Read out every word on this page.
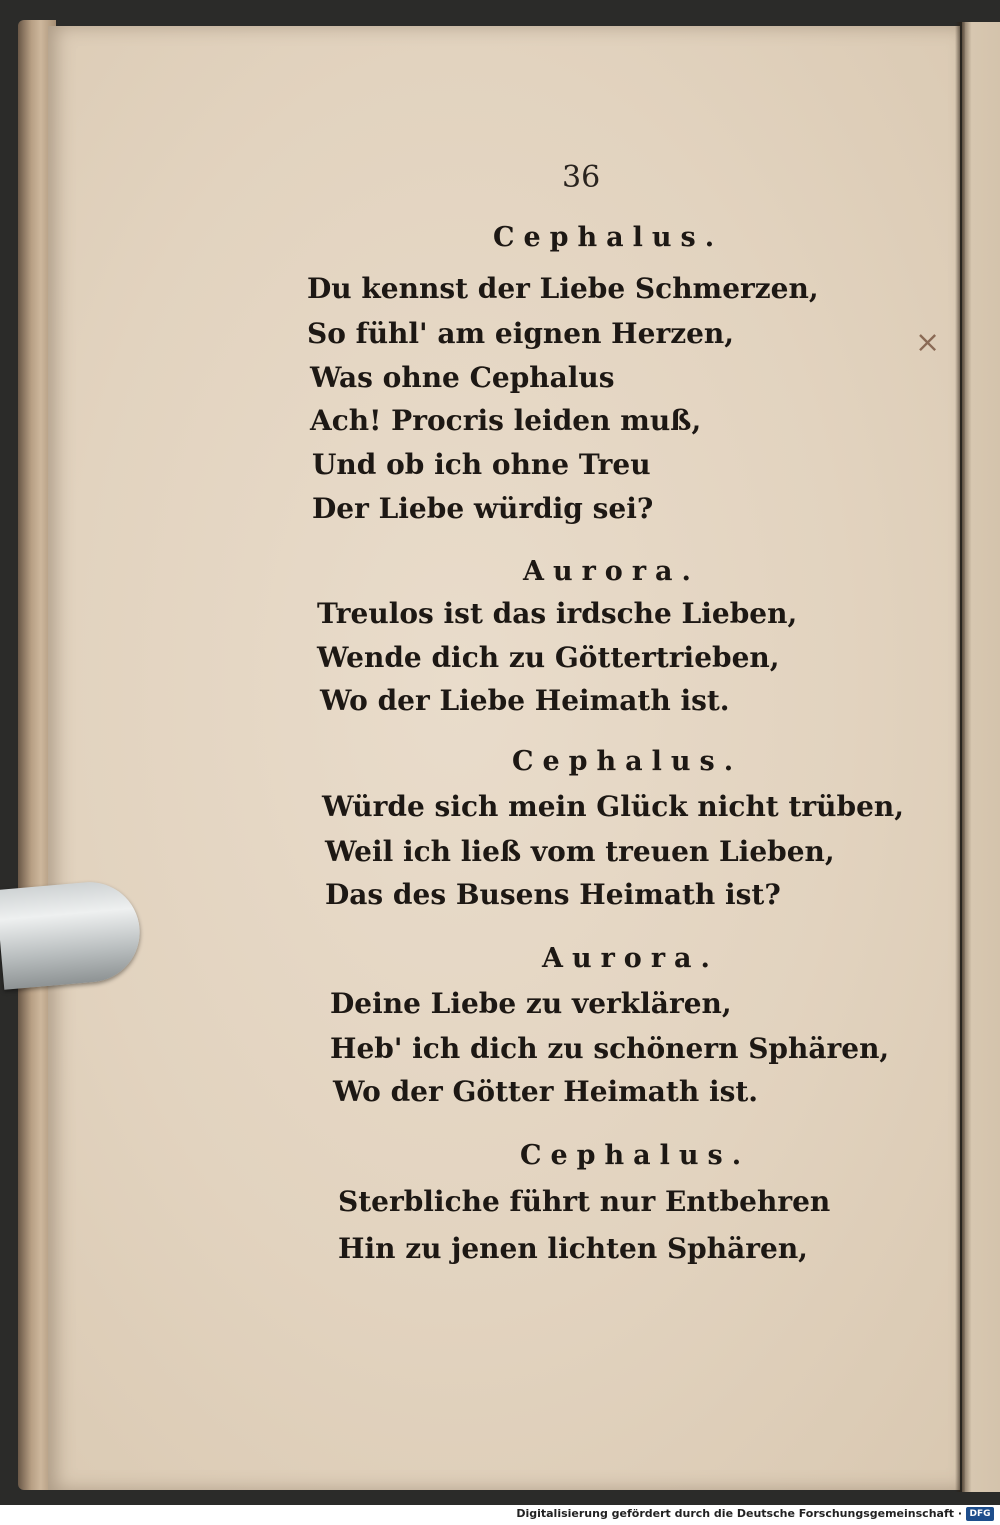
36
Cephalus.
Du kennst der Liebe Schmerzen,
So fühl' am eignen Herzen,
Was ohne Cephalus
Ach! Procris leiden muß,
Und ob ich ohne Treu
Der Liebe würdig sei?
Aurora.
Treulos ist das irdsche Lieben,
Wende dich zu Göttertrieben,
Wo der Liebe Heimath ist.
Cephalus.
Würde sich mein Glück nicht trüben,
Weil ich ließ vom treuen Lieben,
Das des Busens Heimath ist?
Aurora.
Deine Liebe zu verklären,
Heb' ich dich zu schönern Sphären,
Wo der Götter Heimath ist.
Cephalus.
Sterbliche führt nur Entbehren
Hin zu jenen lichten Sphären,
×
Digitalisierung gefördert durch die Deutsche Forschungsgemeinschaft · DFG
